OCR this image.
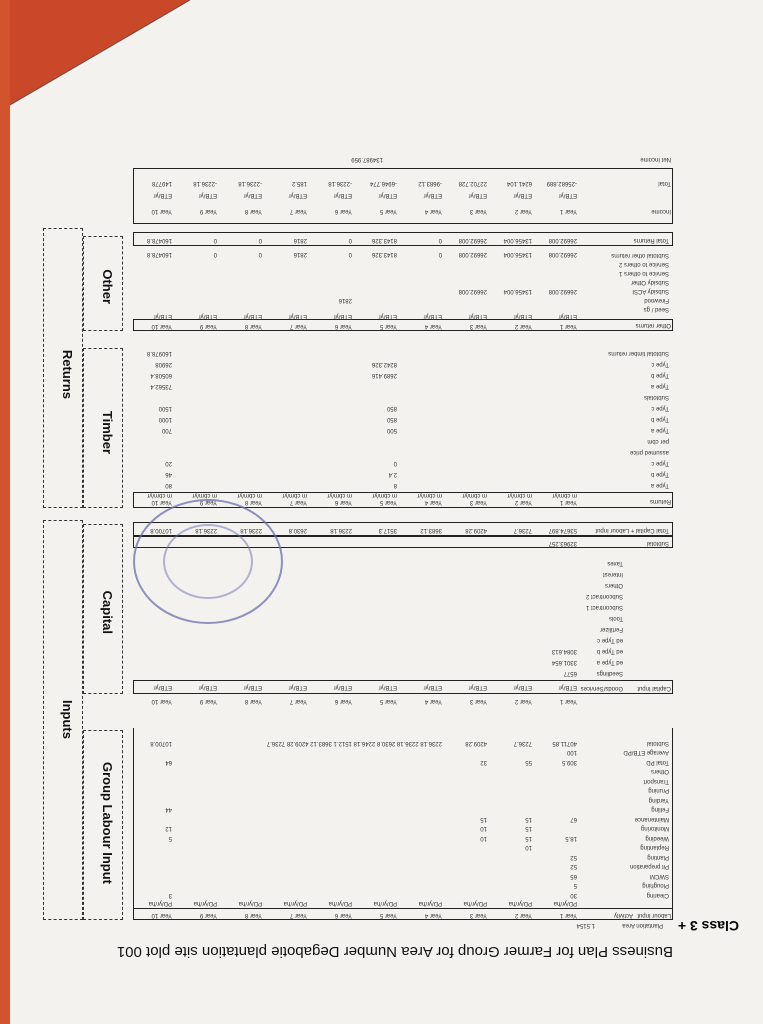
Business Plan for Farmer Group for Area Number Degabotie plantation site plot 001
Class 3 +
Plantation Area
1.5154
Labour Input
Activity
Year 1
PD/yr/ha
Year 2
PD/yr/ha
Year 3
PD/yr/ha
Year 4
PD/yr/ha
Year 5
PD/yr/ha
Year 6
PD/yr/ha
Year 7
PD/yr/ha
Year 8
PD/yr/ha
Year 9
PD/yr/ha
Year 10
PD/yr/ha
Clearing
30
3
Ploughing
5
SWCM
65
Pit preparation
52
Planting
52
Replanting
10
Weeding
18.5
15
10
5
Monitoring
15
10
12
Maintenance
67
15
15
Felling
44
Yarding
Pruning
Transport
Others
Total PD
309.5
55
32
64
Average ETB/PD
100
Subtotal
40711.85
7236.7
4209.28
10700.8	2236.18 2236.18 2630.8 2246.18 1512.1 3683.12 4209.28 7236.7
Capital Input
Goods/Services
Year 1
ETB/yr
Year 2
ETB/yr
Year 3
ETB/yr
Year 4
ETB/yr
Year 5
ETB/yr
Year 6
ETB/yr
Year 7
ETB/yr
Year 8
ETB/yr
Year 9
ETB/yr
Year 10
ETB/yr
Seedlings
6577
ed Type a
3301.654
ed Type b
3084.613
ed Type c
Fertilizer
Tools
Subcontract 1
Subcontract 2
Others
Interest
Taxes
Subtotal
32963.257
Total Capital + Labour Input
53674.897
7236.7
4209.28
3683.12
3517.3
2236.18
2630.8
2236.18
2236.18
10700.8
Returns
Year 1
m cbm/yr
Year 2
m cbm/yr
Year 3
m cbm/yr
Year 4
m cbm/yr
Year 5
m cbm/yr
Year 6
m cbm/yr
Year 7
m cbm/yr
Year 8
m cbm/yr
Year 9
m cbm/yr
Year 10
m cbm/yr
Type a
8
80
Type b
2.4
46
Type c
0
20
assumed price
per cbm
Type a
500
700
Type b
850
1000
Type c
850
1500
Subtotals
Type a
73562.4
Type b
2689.416
60508.4
Type c
8242.326
26908
Subtotal timber returns
160978.8
Other returns
Year 1
ETB/yr
Year 2
ETB/yr
Year 3
ETB/yr
Year 4
ETB/yr
Year 5
ETB/yr
Year 6
ETB/yr
Year 7
ETB/yr
Year 8
ETB/yr
Year 9
ETB/yr
Year 10
ETB/yr
Seed / gs
Firewood
Subsidy ACSI
Subsidy Other
Service to others 1
Service to others 2
Subtotal other returns
2816
26692.008
13456.004
26692.008
26692.008
13456.004
26692.008
0
8143.326
0
2816
0
0
160478.8
Total Returns
26692.008
13456.004
26692.008
0
8143.326
0
2816
0
0
160478.8
Income
Total
Year 1
ETB/yr
Year 2
ETB/yr
Year 3
ETB/yr
Year 4
ETB/yr
Year 5
ETB/yr
Year 6
ETB/yr
Year 7
ETB/yr
Year 8
ETB/yr
Year 9
ETB/yr
Year 10
ETB/yr
-25682.889
6241.104
22702.728
-9683.12
-6946.774
-2236.18
185.2
-2236.18
-2236.18
149778
Net Income
134987.959
Group Labour Input
Capital
Inputs
Timber
Other
Returns
